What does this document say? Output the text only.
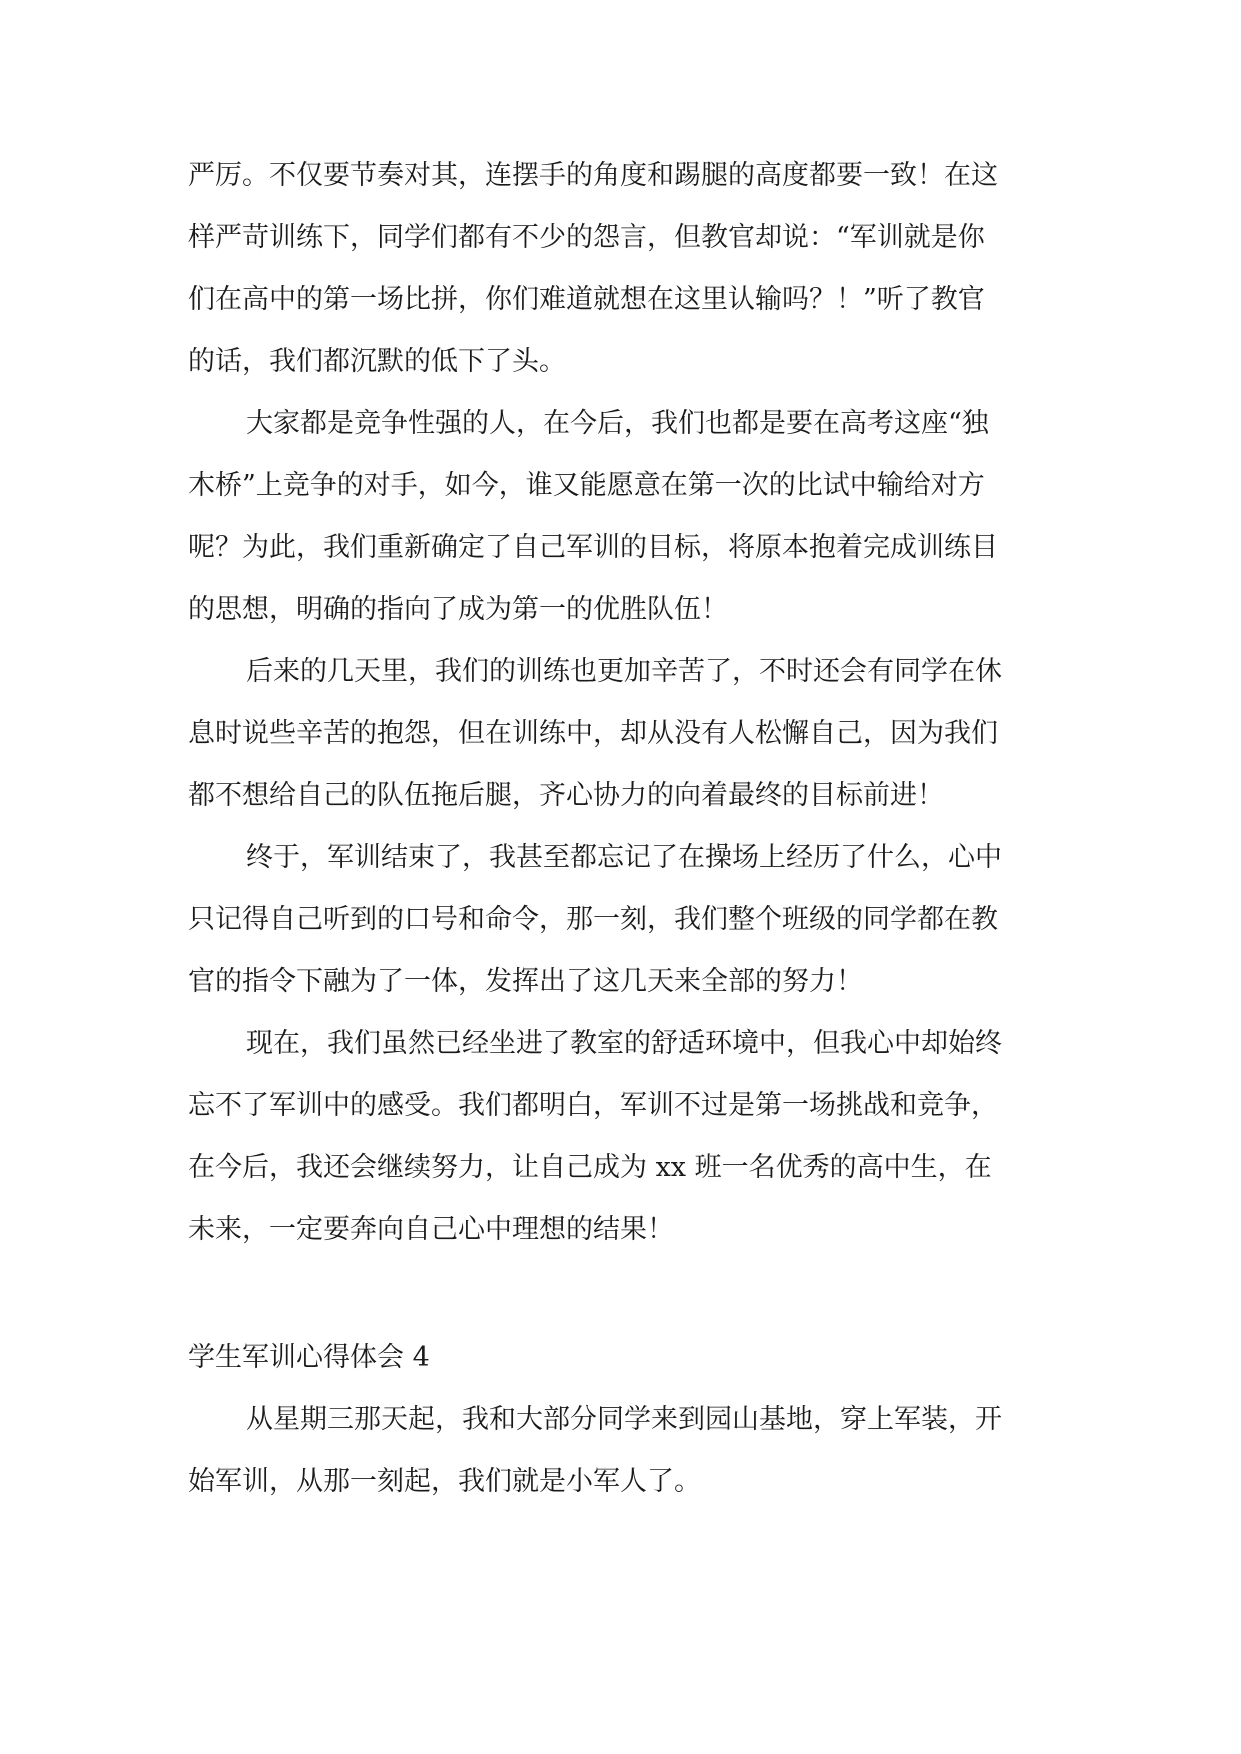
严厉。不仅要节奏对其，连摆手的角度和踢腿的高度都要一致！在这
样严苛训练下，同学们都有不少的怨言，但教官却说：“军训就是你
们在高中的第一场比拼，你们难道就想在这里认输吗？！”听了教官
的话，我们都沉默的低下了头。
大家都是竞争性强的人，在今后，我们也都是要在高考这座“独
木桥”上竞争的对手，如今，谁又能愿意在第一次的比试中输给对方
呢？为此，我们重新确定了自己军训的目标，将原本抱着完成训练目
的思想，明确的指向了成为第一的优胜队伍！
后来的几天里，我们的训练也更加辛苦了，不时还会有同学在休
息时说些辛苦的抱怨，但在训练中，却从没有人松懈自己，因为我们
都不想给自己的队伍拖后腿，齐心协力的向着最终的目标前进！
终于，军训结束了，我甚至都忘记了在操场上经历了什么，心中
只记得自己听到的口号和命令，那一刻，我们整个班级的同学都在教
官的指令下融为了一体，发挥出了这几天来全部的努力！
现在，我们虽然已经坐进了教室的舒适环境中，但我心中却始终
忘不了军训中的感受。我们都明白，军训不过是第一场挑战和竞争，
在今后，我还会继续努力，让自己成为 xx 班一名优秀的高中生，在
未来，一定要奔向自己心中理想的结果！
学生军训心得体会 4
从星期三那天起，我和大部分同学来到园山基地，穿上军装，开
始军训，从那一刻起，我们就是小军人了。
